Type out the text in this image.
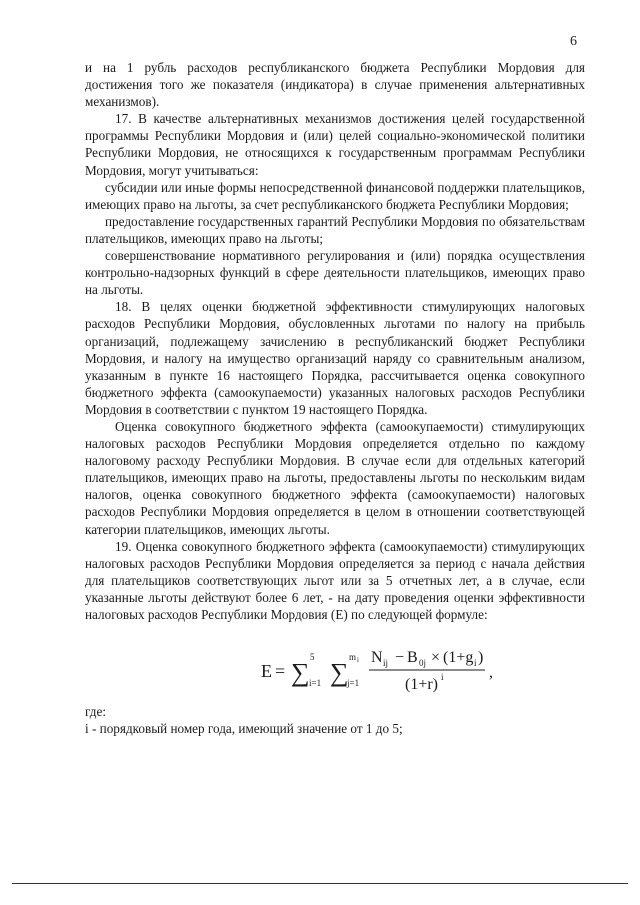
6

и на 1 рубль расходов республиканского бюджета Республики Мордовия для достижения того же показателя (индикатора) в случае применения альтернативных механизмов).

17. В качестве альтернативных механизмов достижения целей государственной программы Республики Мордовия и (или) целей социально-экономической политики Республики Мордовия, не относящихся к государственным программам Республики Мордовия, могут учитываться:

субсидии или иные формы непосредственной финансовой поддержки плательщиков, имеющих право на льготы, за счет республиканского бюджета Республики Мордовия;

предоставление государственных гарантий Республики Мордовия по обязательствам плательщиков, имеющих право на льготы;

совершенствование нормативного регулирования и (или) порядка осуществления контрольно-надзорных функций в сфере деятельности плательщиков, имеющих право на льготы.

18. В целях оценки бюджетной эффективности стимулирующих налоговых расходов Республики Мордовия, обусловленных льготами по налогу на прибыль организаций, подлежащему зачислению в республиканский бюджет Республики Мордовия, и налогу на имущество организаций наряду со сравнительным анализом, указанным в пункте 16 настоящего Порядка, рассчитывается оценка совокупного бюджетного эффекта (самоокупаемости) указанных налоговых расходов Республики Мордовия в соответствии с пунктом 19 настоящего Порядка.

Оценка совокупного бюджетного эффекта (самоокупаемости) стимулирующих налоговых расходов Республики Мордовия определяется отдельно по каждому налоговому расходу Республики Мордовия. В случае если для отдельных категорий плательщиков, имеющих право на льготы, предоставлены льготы по нескольким видам налогов, оценка совокупного бюджетного эффекта (самоокупаемости) налоговых расходов Республики Мордовия определяется в целом в отношении соответствующей категории плательщиков, имеющих льготы.

19. Оценка совокупного бюджетного эффекта (самоокупаемости) стимулирующих налоговых расходов Республики Мордовия определяется за период с начала действия для плательщиков соответствующих льгот или за 5 отчетных лет, а в случае, если указанные льготы действуют более 6 лет, - на дату проведения оценки эффективности налоговых расходов Республики Мордовия (E) по следующей формуле:

E = ∑
5
i=1 ∑
m i
j=1
N ij − B 0j × (1+g i )
(1+r) i	,

где:

i - порядковый номер года, имеющий значение от 1 до 5;
